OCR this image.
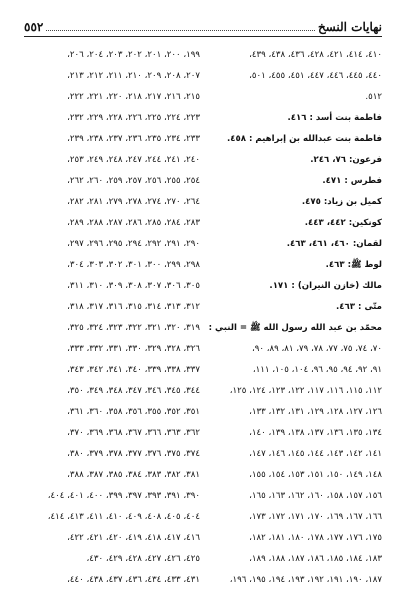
نهايات النسخ
٥٥٢
٤١٠، ٤١٤، ٤٢١، ٤٢٨، ٤٣٦، ٤٣٨، ٤٣٩،
٤٤٠، ٤٤٥، ٤٤٦، ٤٤٧، ٤٥١، ٤٥٥، ٥٠١،
٥١٢.
فاطمة بنت أسد : ٤١٦.
فاطمة بنت عبدالله بن إبراهيم : ٤٥٨.
فرعون: ٧٦، ٢٤٦.
فطرس : ٤٧١.
كميل بن زياد: ٤٧٥.
كونكين: ٤٤٢، ٤٤٣.
لقمان: ٤٦٠، ٤٦١، ٤٦٣.
لوط ﷺ: ٤٦٣.
مالك (خازن النيران) : ١٧١.
متّى : ٤٦٣.
محمّد بن عبد الله رسول الله ﷺ = النبي :
٧٠، ٧٤، ٧٥، ٧٧، ٧٨، ٧٩، ٨١، ٨٩، ٩٠،
٩١، ٩٢، ٩٤، ٩٥، ٩٦، ١٠٤، ١٠٥، ١١١،
١١٢، ١١٥، ١١٦، ١١٧، ١٢٢، ١٢٣، ١٢٤، ١٢٥،
١٢٦، ١٢٧، ١٢٨، ١٢٩، ١٣١، ١٣٢، ١٣٣،
١٣٤، ١٣٥، ١٣٦، ١٣٧، ١٣٨، ١٣٩، ١٤٠،
١٤١، ١٤٢، ١٤٣، ١٤٤، ١٤٥، ١٤٦، ١٤٧،
١٤٨، ١٤٩، ١٥٠، ١٥١، ١٥٣، ١٥٤، ١٥٥،
١٥٦، ١٥٧، ١٥٨، ١٦٠، ١٦٢، ١٦٣، ١٦٥،
١٦٦، ١٦٧، ١٦٩، ١٧٠، ١٧١، ١٧٢، ١٧٣،
١٧٥، ١٧٦، ١٧٧، ١٧٨، ١٨٠، ١٨١، ١٨٢،
١٨٣، ١٨٤، ١٨٥، ١٨٦، ١٨٧، ١٨٨، ١٨٩،
١٨٧، ١٩٠، ١٩١، ١٩٢، ١٩٣، ١٩٤، ١٩٥، ١٩٦،
١٩٩، ٢٠٠، ٢٠١، ٢٠٢، ٢٠٣، ٢٠٤، ٢٠٦،
٢٠٧، ٢٠٨، ٢٠٩، ٢١٠، ٢١١، ٢١٢، ٢١٣،
٢١٥، ٢١٦، ٢١٧، ٢١٨، ٢٢٠، ٢٢١، ٢٢٢،
٢٢٣، ٢٢٤، ٢٢٥، ٢٢٦، ٢٢٨، ٢٢٩، ٢٣٢،
٢٣٣، ٢٣٤، ٢٣٥، ٢٣٦، ٢٣٧، ٢٣٨، ٢٣٩،
٢٤٠، ٢٤١، ٢٤٤، ٢٤٧، ٢٤٨، ٢٤٩، ٢٥٣،
٢٥٤، ٢٥٥، ٢٥٦، ٢٥٧، ٢٥٩، ٢٦٠، ٢٦٢،
٢٦٤، ٢٧٠، ٢٧٤، ٢٧٨، ٢٧٩، ٢٨١، ٢٨٢،
٢٨٣، ٢٨٤، ٢٨٥، ٢٨٦، ٢٨٧، ٢٨٨، ٢٨٩،
٢٩٠، ٢٩١، ٢٩٢، ٢٩٤، ٢٩٥، ٢٩٦، ٢٩٧،
٢٩٨، ٢٩٩، ٣٠٠، ٣٠١، ٣٠٢، ٣٠٣، ٣٠٤،
٣٠٥، ٣٠٦، ٣٠٧، ٣٠٨، ٣٠٩، ٣١٠، ٣١١،
٣١٢، ٣١٣، ٣١٤، ٣١٥، ٣١٦، ٣١٧، ٣١٨،
٣١٩، ٣٢٠، ٣٢١، ٣٢٢، ٣٢٣، ٣٢٤، ٣٢٥،
٣٢٦، ٣٢٨، ٣٢٩، ٣٣٠، ٣٣١، ٣٣٢، ٣٣٣،
٣٣٧، ٣٣٨، ٣٣٩، ٣٤٠، ٣٤١، ٣٤٢، ٣٤٣،
٣٤٤، ٣٤٥، ٣٤٦، ٣٤٧، ٣٤٨، ٣٤٩، ٣٥٠،
٣٥١، ٣٥٢، ٣٥٥، ٣٥٦، ٣٥٨، ٣٦٠، ٣٦١،
٣٦٢، ٣٦٣، ٣٦٦، ٣٦٧، ٣٦٨، ٣٦٩، ٣٧٠،
٣٧٤، ٣٧٥، ٣٧٦، ٣٧٧، ٣٧٨، ٣٧٩، ٣٨٠،
٣٨١، ٣٨٢، ٣٨٣، ٣٨٤، ٣٨٥، ٣٨٧، ٣٨٨،
٣٩٠، ٣٩١، ٣٩٣، ٣٩٧، ٣٩٩، ٤٠٠، ٤٠١، ٤٠٤،
٤٠٤، ٤٠٥، ٤٠٨، ٤٠٩، ٤١٠، ٤١١، ٤١٣، ٤١٤،
٤١٦، ٤١٧، ٤١٨، ٤١٩، ٤٢٠، ٤٢١، ٤٢٢،
٤٢٥، ٤٢٦، ٤٢٧، ٤٢٨، ٤٢٩، ٤٣٠،
٤٣١، ٤٣٣، ٤٣٤، ٤٣٦، ٤٣٧، ٤٣٨، ٤٤٠،
